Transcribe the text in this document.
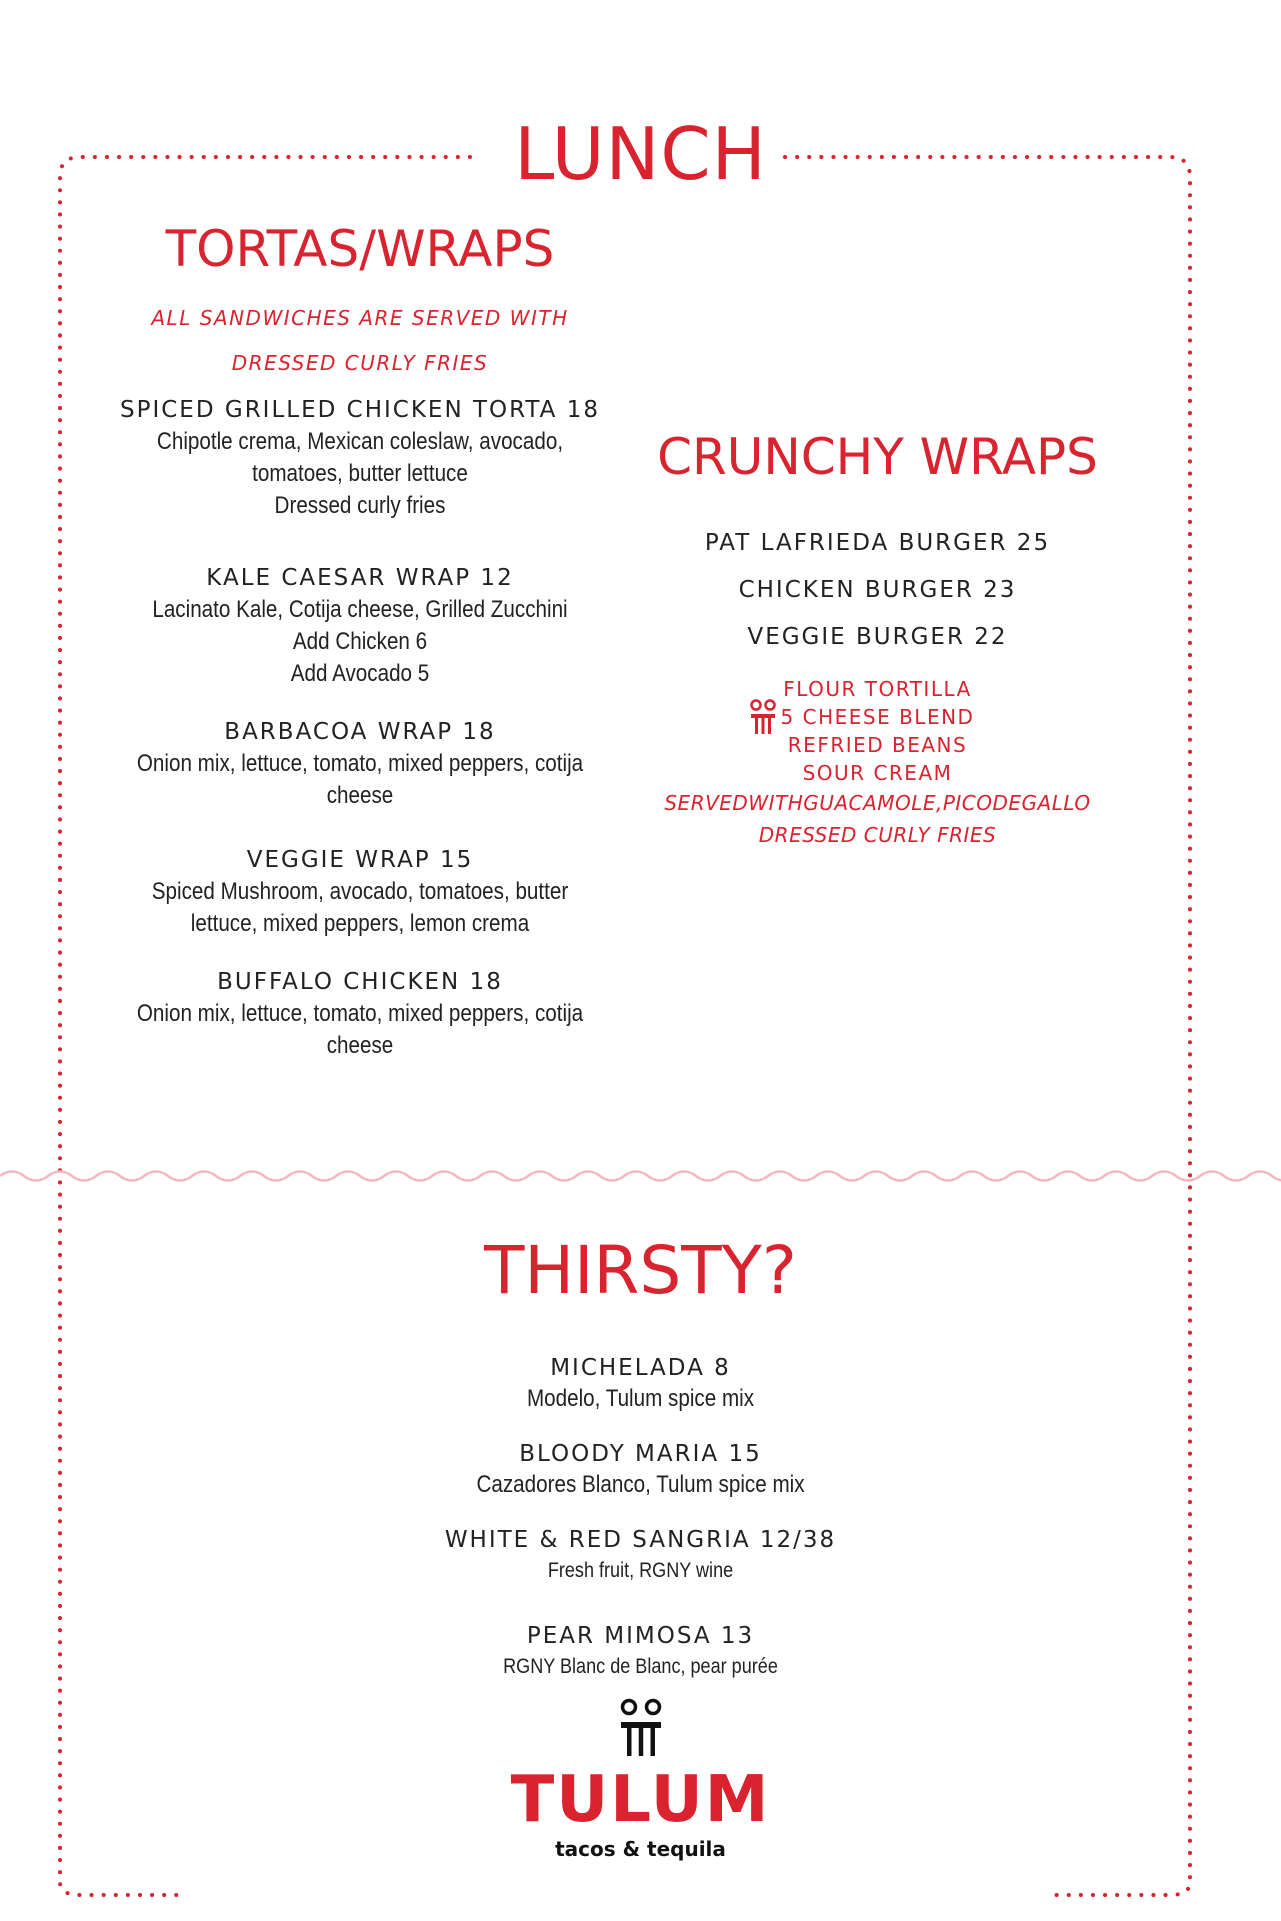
LUNCH
TORTAS/WRAPS
ALL SANDWICHES ARE SERVED WITH
DRESSED CURLY FRIES
SPICED GRILLED CHICKEN TORTA 18
Chipotle crema, Mexican coleslaw, avocado,
tomatoes, butter lettuce
Dressed curly fries
KALE CAESAR WRAP 12
Lacinato Kale, Cotija cheese, Grilled Zucchini
Add Chicken 6
Add Avocado 5
BARBACOA WRAP 18
Onion mix, lettuce, tomato, mixed peppers, cotija
cheese
VEGGIE WRAP 15
Spiced Mushroom, avocado, tomatoes, butter
lettuce, mixed peppers, lemon crema
BUFFALO CHICKEN 18
Onion mix, lettuce, tomato, mixed peppers, cotija
cheese
CRUNCHY WRAPS
PAT LAFRIEDA BURGER 25
CHICKEN BURGER 23
VEGGIE BURGER 22
FLOUR TORTILLA
5 CHEESE BLEND
REFRIED BEANS
SOUR CREAM
SERVEDWITHGUACAMOLE,PICODEGALLO
DRESSED CURLY FRIES
THIRSTY?
MICHELADA 8
Modelo, Tulum spice mix
BLOODY MARIA 15
Cazadores Blanco, Tulum spice mix
WHITE & RED SANGRIA 12/38
Fresh fruit, RGNY wine
PEAR MIMOSA 13
RGNY Blanc de Blanc, pear purée
TULUM
tacos & tequila
